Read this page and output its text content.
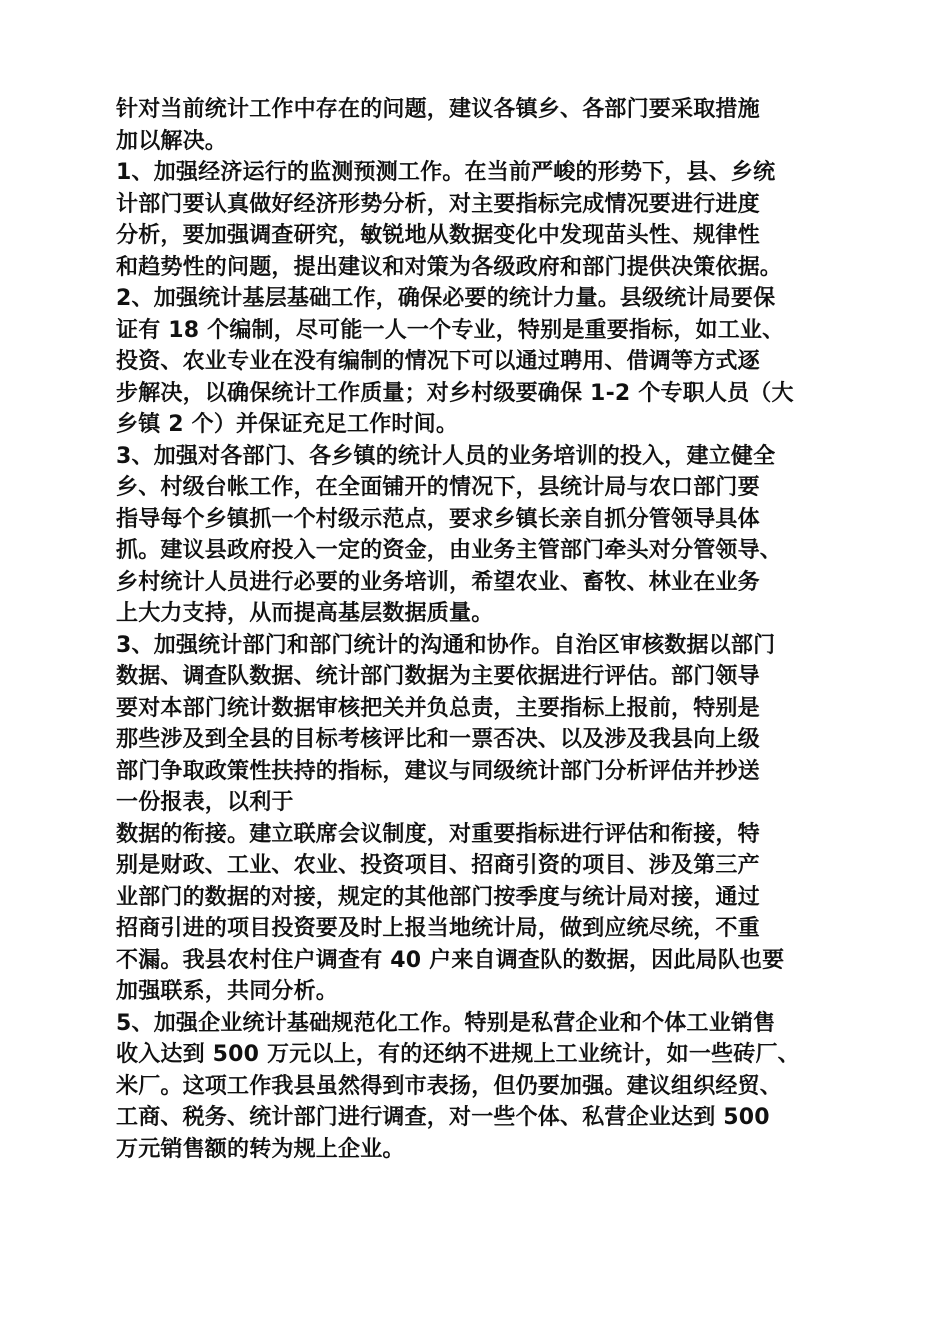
针对当前统计工作中存在的问题，建议各镇乡、各部门要采取措施
加以解决。
1、加强经济运行的监测预测工作。在当前严峻的形势下，县、乡统
计部门要认真做好经济形势分析，对主要指标完成情况要进行进度
分析，要加强调查研究，敏锐地从数据变化中发现苗头性、规律性
和趋势性的问题，提出建议和对策为各级政府和部门提供决策依据。
2、加强统计基层基础工作，确保必要的统计力量。县级统计局要保
证有 18 个编制，尽可能一人一个专业，特别是重要指标，如工业、
投资、农业专业在没有编制的情况下可以通过聘用、借调等方式逐
步解决，以确保统计工作质量；对乡村级要确保 1-2 个专职人员（大
乡镇 2 个）并保证充足工作时间。
3、加强对各部门、各乡镇的统计人员的业务培训的投入，建立健全
乡、村级台帐工作，在全面铺开的情况下，县统计局与农口部门要
指导每个乡镇抓一个村级示范点，要求乡镇长亲自抓分管领导具体
抓。建议县政府投入一定的资金，由业务主管部门牵头对分管领导、
乡村统计人员进行必要的业务培训，希望农业、畜牧、林业在业务
上大力支持，从而提高基层数据质量。
3、加强统计部门和部门统计的沟通和协作。自治区审核数据以部门
数据、调查队数据、统计部门数据为主要依据进行评估。部门领导
要对本部门统计数据审核把关并负总责，主要指标上报前，特别是
那些涉及到全县的目标考核评比和一票否决、以及涉及我县向上级
部门争取政策性扶持的指标，建议与同级统计部门分析评估并抄送
一份报表，以利于
数据的衔接。建立联席会议制度，对重要指标进行评估和衔接，特
别是财政、工业、农业、投资项目、招商引资的项目、涉及第三产
业部门的数据的对接，规定的其他部门按季度与统计局对接，通过
招商引进的项目投资要及时上报当地统计局，做到应统尽统，不重
不漏。我县农村住户调查有 40 户来自调查队的数据，因此局队也要
加强联系，共同分析。
5、加强企业统计基础规范化工作。特别是私营企业和个体工业销售
收入达到 500 万元以上，有的还纳不进规上工业统计，如一些砖厂、
米厂。这项工作我县虽然得到市表扬，但仍要加强。建议组织经贸、
工商、税务、统计部门进行调查，对一些个体、私营企业达到 500
万元销售额的转为规上企业。
